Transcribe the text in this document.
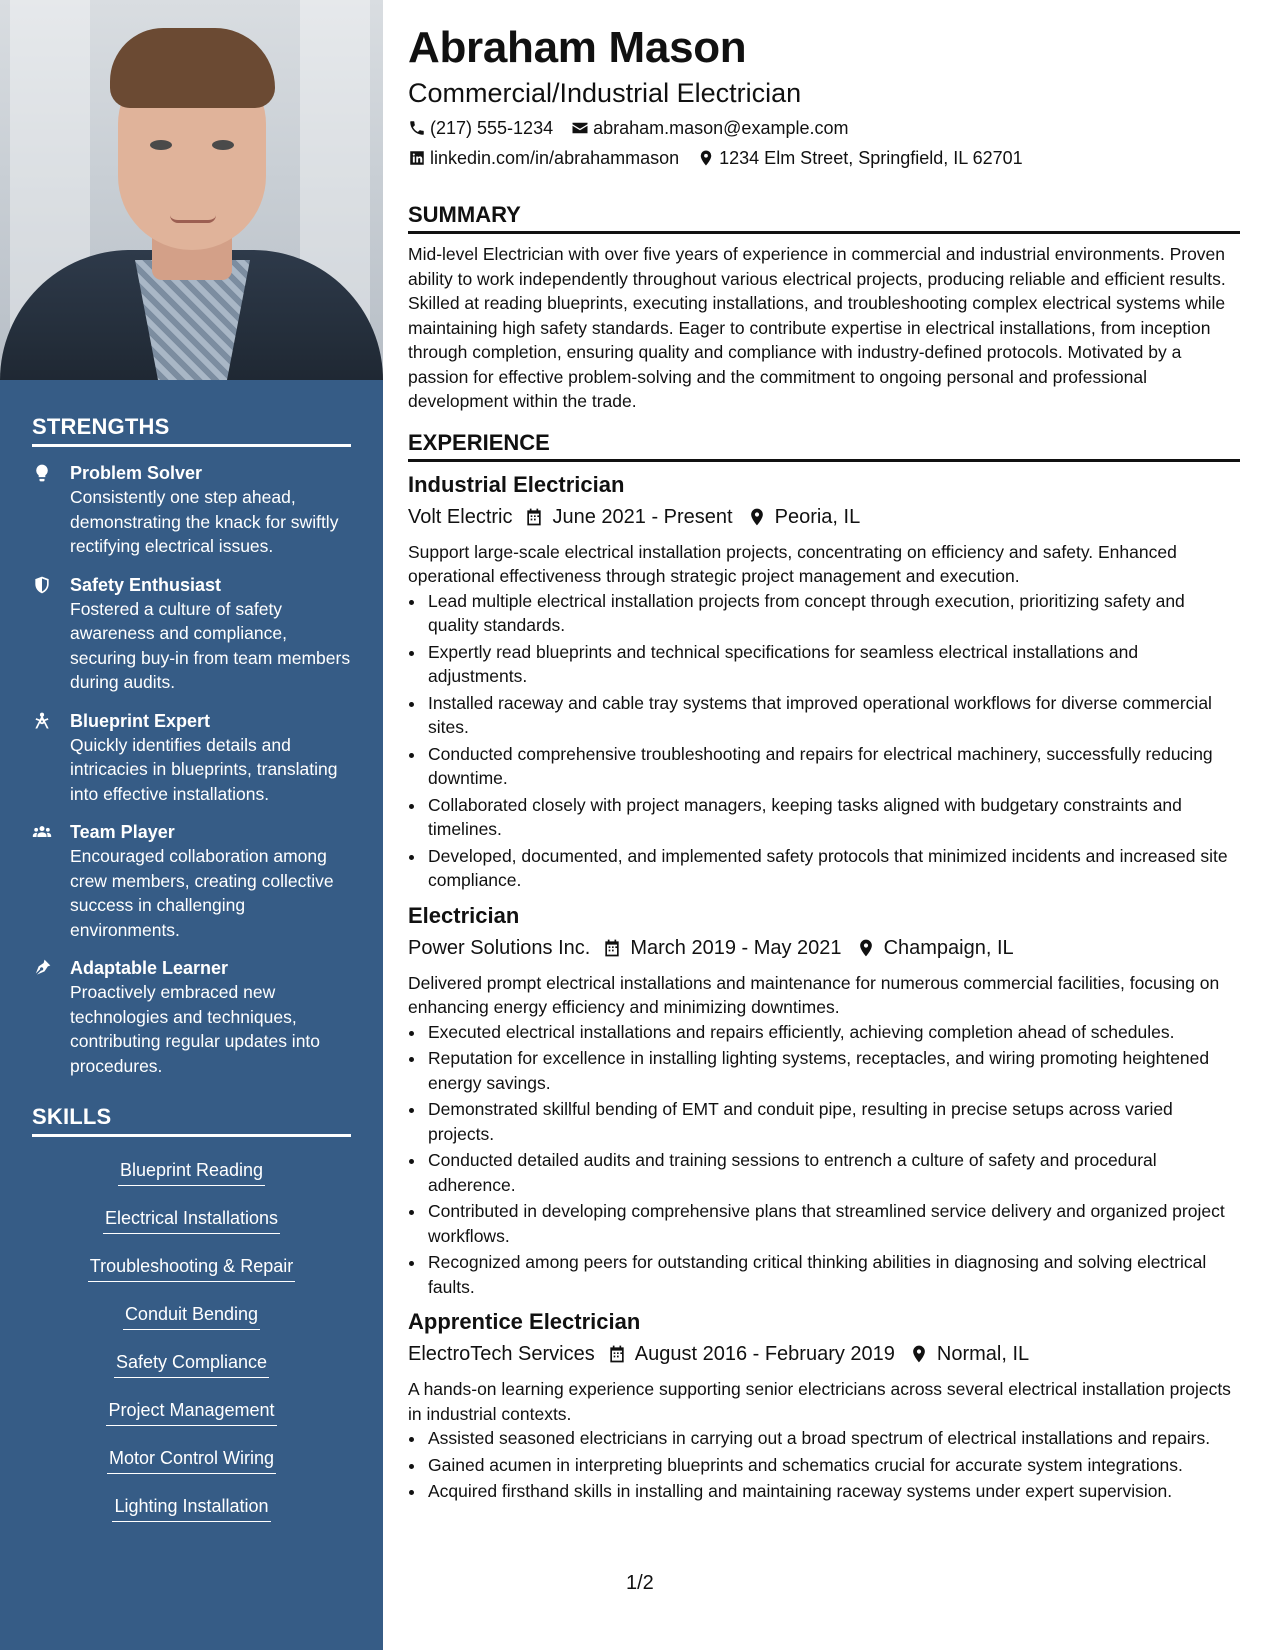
STRENGTHS
Problem Solver
Consistently one step ahead, demonstrating the knack for swiftly rectifying electrical issues.
Safety Enthusiast
Fostered a culture of safety awareness and compliance, securing buy-in from team members during audits.
Blueprint Expert
Quickly identifies details and intricacies in blueprints, translating into effective installations.
Team Player
Encouraged collaboration among crew members, creating collective success in challenging environments.
Adaptable Learner
Proactively embraced new technologies and techniques, contributing regular updates into procedures.
SKILLS
Blueprint Reading
Electrical Installations
Troubleshooting & Repair
Conduit Bending
Safety Compliance
Project Management
Motor Control Wiring
Lighting Installation
Abraham Mason
Commercial/Industrial Electrician
(217) 555-1234 abraham.mason@example.com
linkedin.com/in/abrahammason 1234 Elm Street, Springfield, IL 62701
SUMMARY
Mid-level Electrician with over five years of experience in commercial and industrial environments. Proven ability to work independently throughout various electrical projects, producing reliable and efficient results. Skilled at reading blueprints, executing installations, and troubleshooting complex electrical systems while maintaining high safety standards. Eager to contribute expertise in electrical installations, from inception through completion, ensuring quality and compliance with industry-defined protocols. Motivated by a passion for effective problem-solving and the commitment to ongoing personal and professional development within the trade.
EXPERIENCE
Industrial Electrician
Volt Electric June 2021 - Present Peoria, IL
Support large-scale electrical installation projects, concentrating on efficiency and safety. Enhanced operational effectiveness through strategic project management and execution.
• Lead multiple electrical installation projects from concept through execution, prioritizing safety and quality standards.
• Expertly read blueprints and technical specifications for seamless electrical installations and adjustments.
• Installed raceway and cable tray systems that improved operational workflows for diverse commercial sites.
• Conducted comprehensive troubleshooting and repairs for electrical machinery, successfully reducing downtime.
• Collaborated closely with project managers, keeping tasks aligned with budgetary constraints and timelines.
• Developed, documented, and implemented safety protocols that minimized incidents and increased site compliance.
Electrician
Power Solutions Inc. March 2019 - May 2021 Champaign, IL
Delivered prompt electrical installations and maintenance for numerous commercial facilities, focusing on enhancing energy efficiency and minimizing downtimes.
• Executed electrical installations and repairs efficiently, achieving completion ahead of schedules.
• Reputation for excellence in installing lighting systems, receptacles, and wiring promoting heightened energy savings.
• Demonstrated skillful bending of EMT and conduit pipe, resulting in precise setups across varied projects.
• Conducted detailed audits and training sessions to entrench a culture of safety and procedural adherence.
• Contributed in developing comprehensive plans that streamlined service delivery and organized project workflows.
• Recognized among peers for outstanding critical thinking abilities in diagnosing and solving electrical faults.
Apprentice Electrician
ElectroTech Services August 2016 - February 2019 Normal, IL
A hands-on learning experience supporting senior electricians across several electrical installation projects in industrial contexts.
• Assisted seasoned electricians in carrying out a broad spectrum of electrical installations and repairs.
• Gained acumen in interpreting blueprints and schematics crucial for accurate system integrations.
• Acquired firsthand skills in installing and maintaining raceway systems under expert supervision.
1/2
